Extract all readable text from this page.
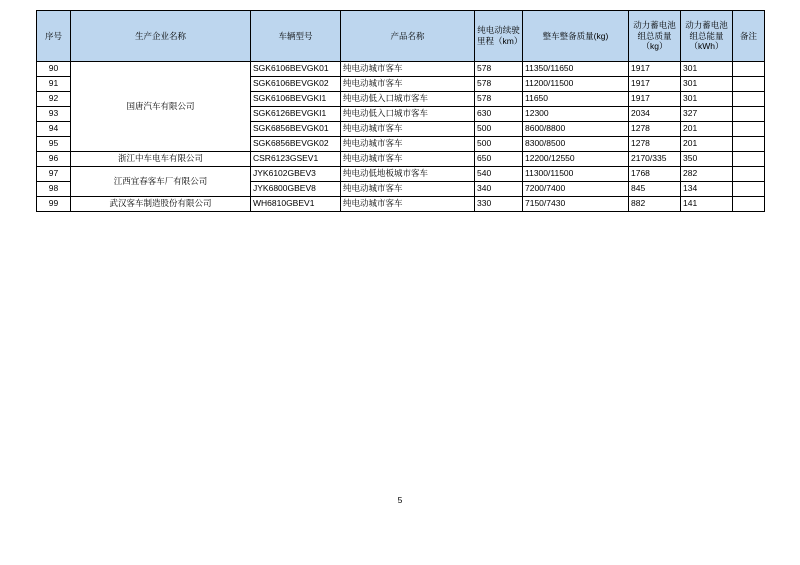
序号	生产企业名称	车辆型号	产品名称	纯电动续驶里程（km）	整车整备质量(kg)	动力蓄电池组总质量（kg）	动力蓄电池组总能量（kWh）	备注
90	国唐汽车有限公司	SGK6106BEVGK01	纯电动城市客车	578	11350/11650	1917	301	
91		SGK6106BEVGK02	纯电动城市客车	578	11200/11500	1917	301	
92		SGK6106BEVGKI1	纯电动低入口城市客车	578	11650	1917	301	
93		SGK6126BEVGKI1	纯电动低入口城市客车	630	12300	2034	327	
94		SGK6856BEVGK01	纯电动城市客车	500	8600/8800	1278	201	
95		SGK6856BEVGK02	纯电动城市客车	500	8300/8500	1278	201	
96	浙江中车电车有限公司	CSR6123GSEV1	纯电动城市客车	650	12200/12550	2170/335	350	
97	江西宜春客车厂有限公司	JYK6102GBEV3	纯电动低地板城市客车	540	11300/11500	1768	282	
98		JYK6800GBEV8	纯电动城市客车	340	7200/7400	845	134	
99	武汉客车制造股份有限公司	WH6810GBEV1	纯电动城市客车	330	7150/7430	882	141	
5
